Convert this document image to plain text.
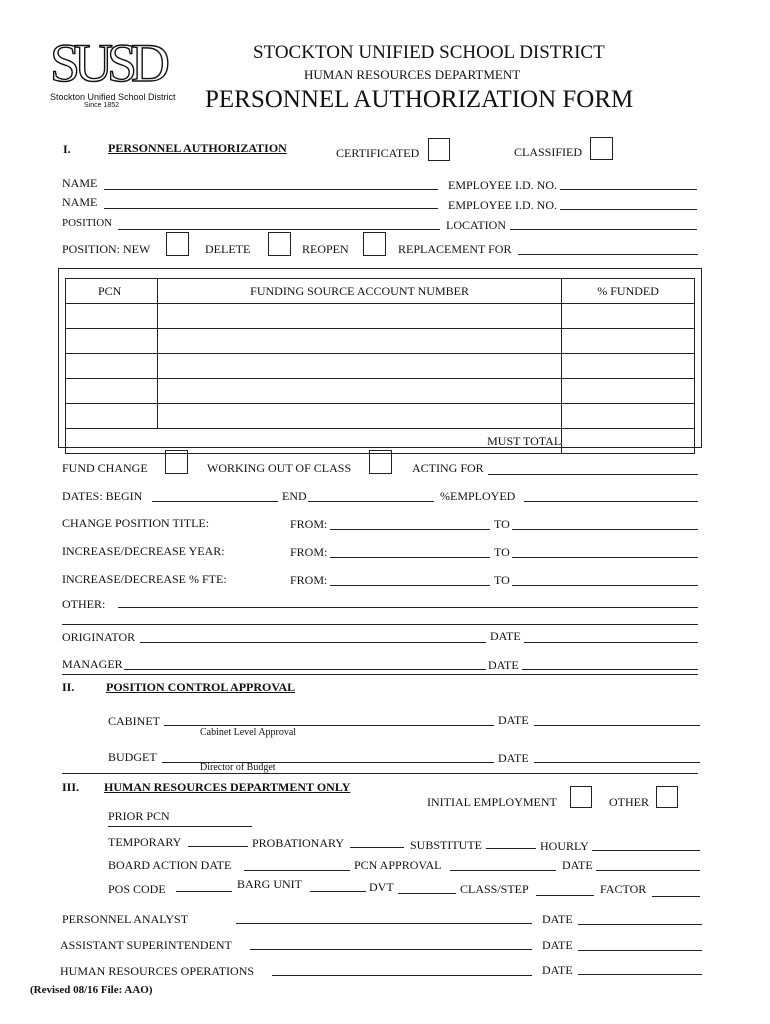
SUSD
Stockton Unified School District
Since 1852
STOCKTON UNIFIED SCHOOL DISTRICT
HUMAN RESOURCES DEPARTMENT
PERSONNEL AUTHORIZATION FORM
I.	PERSONNEL AUTHORIZATION	CERTIFICATED	CLASSIFIED
NAME	EMPLOYEE I.D. NO.
NAME	EMPLOYEE I.D. NO.
POSITION	LOCATION
POSITION: NEW	DELETE	REOPEN	REPLACEMENT FOR
PCN	FUNDING SOURCE ACCOUNT NUMBER	% FUNDED

	MUST TOTAL	
FUND CHANGE	WORKING OUT OF CLASS	ACTING FOR
DATES: BEGIN	END	%EMPLOYED
CHANGE POSITION TITLE:	FROM:	TO
INCREASE/DECREASE YEAR:	FROM:	TO
INCREASE/DECREASE % FTE:	FROM:	TO
OTHER:
ORIGINATOR	DATE
MANAGER	DATE
II.	POSITION CONTROL APPROVAL
CABINET
Cabinet Level Approval
DATE
BUDGET
Director of Budget
DATE
III. HUMAN RESOURCES DEPARTMENT ONLY
INITIAL EMPLOYMENT	OTHER
PRIOR PCN
TEMPORARY	PROBATIONARY	SUBSTITUTE	HOURLY
BOARD ACTION DATE	PCN APPROVAL	DATE
POS CODE	BARG UNIT	DVT	CLASS/STEP	FACTOR
PERSONNEL ANALYST	DATE
ASSISTANT SUPERINTENDENT	DATE
HUMAN RESOURCES OPERATIONS	DATE
(Revised 08/16 File: AAO)
